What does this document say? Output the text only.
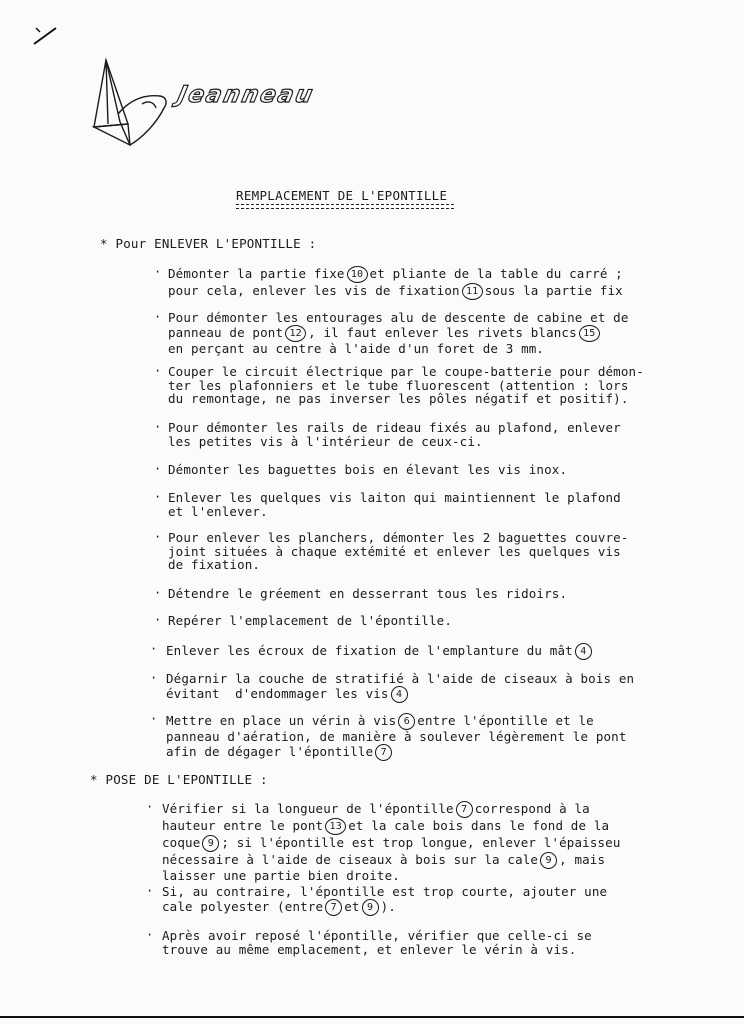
Jeanneau
REMPLACEMENT DE L'EPONTILLE
* Pour ENLEVER L'EPONTILLE :
· Démonter la partie fixe 10 et pliante de la table du carré ;
pour cela, enlever les vis de fixation 11 sous la partie fix
· Pour démonter les entourages alu de descente de cabine et de
panneau de pont 12 , il faut enlever les rivets blancs 15
en perçant au centre à l'aide d'un foret de 3 mm.
· Couper le circuit électrique par le coupe-batterie pour démon-
ter les plafonniers et le tube fluorescent (attention : lors
du remontage, ne pas inverser les pôles négatif et positif).
· Pour démonter les rails de rideau fixés au plafond, enlever
les petites vis à l'intérieur de ceux-ci.
· Démonter les baguettes bois en élevant les vis inox.
· Enlever les quelques vis laiton qui maintiennent le plafond
et l'enlever.
· Pour enlever les planchers, démonter les 2 baguettes couvre-
joint situées à chaque extémité et enlever les quelques vis
de fixation.
· Détendre le gréement en desserrant tous les ridoirs.
· Repérer l'emplacement de l'épontille.
· Enlever les écroux de fixation de l'emplanture du mât 4
· Dégarnir la couche de stratifié à l'aide de ciseaux à bois en
évitant  d'endommager les vis 4
· Mettre en place un vérin à vis 6 entre l'épontille et le
panneau d'aération, de manière à soulever légèrement le pont
afin de dégager l'épontille 7
* POSE DE L'EPONTILLE :
· Vérifier si la longueur de l'épontille 7 correspond à la
hauteur entre le pont 13 et la cale bois dans le fond de la
coque 9 ; si l'épontille est trop longue, enlever l'épaisseu
nécessaire à l'aide de ciseaux à bois sur la cale 9 , mais
laisser une partie bien droite.
· Si, au contraire, l'épontille est trop courte, ajouter une
cale polyester (entre 7 et 9 ).
· Après avoir reposé l'épontille, vérifier que celle-ci se
trouve au même emplacement, et enlever le vérin à vis.
